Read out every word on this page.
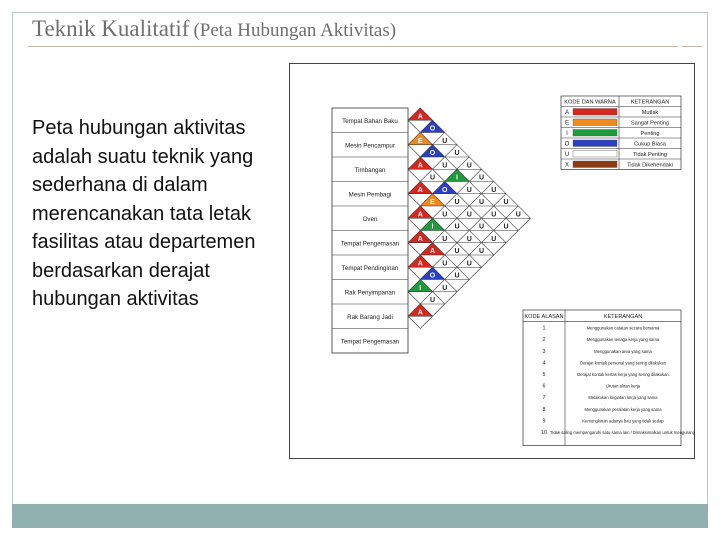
Teknik Kualitatif (Peta Hubungan Aktivitas)
Peta hubungan aktivitas adalah suatu teknik yang sederhana di dalam merencanakan tata letak fasilitas atau departemen berdasarkan derajat hubungan aktivitas
Tempat Bahan Baku
Mesin Pencampur
Timbangan
Mesin Pembagi
Oven
Tempat Pengemasan
Tempat Pendinginan
Rak Penyimpanan
Rak Barang Jadi
Tempat Pengemasan
A
O
U
U
U
U
U
U
U
E
O
U
I
U
U
U
U
A
U
O
U
U
U
U
A
E
U
U
U
U
A
I
U
U
U
A
A
U
U
A
O
U
I
U
A
KODE DAN WARNA	KETERANGAN
A	Mutlak
E	Sangat Penting
I	Penting
O	Cukup Biasa
U	Tidak Penting
X	Tidak Dikehendaki
KODE ALASAN	KETERANGAN
1	Menggunakan catatan secara bersama
2	Menggunakan tenaga kerja yang sama
3	Menggunakan area yang sama
4	Derajat kontak personal yang sering dilakukan
5	Derajat kontak kertas kerja yang sering dilakukan
6	Urutan aliran kerja
7	Melakukan kegiatan kerja yang sama
8	Menggunakan peralatan kerja yang sama
9	Kemungkinan adanya bau yang tidak sedap
10 Tidak saling mempengaruhi satu sama lain / Dimaksimalkan untuk mengurangi
